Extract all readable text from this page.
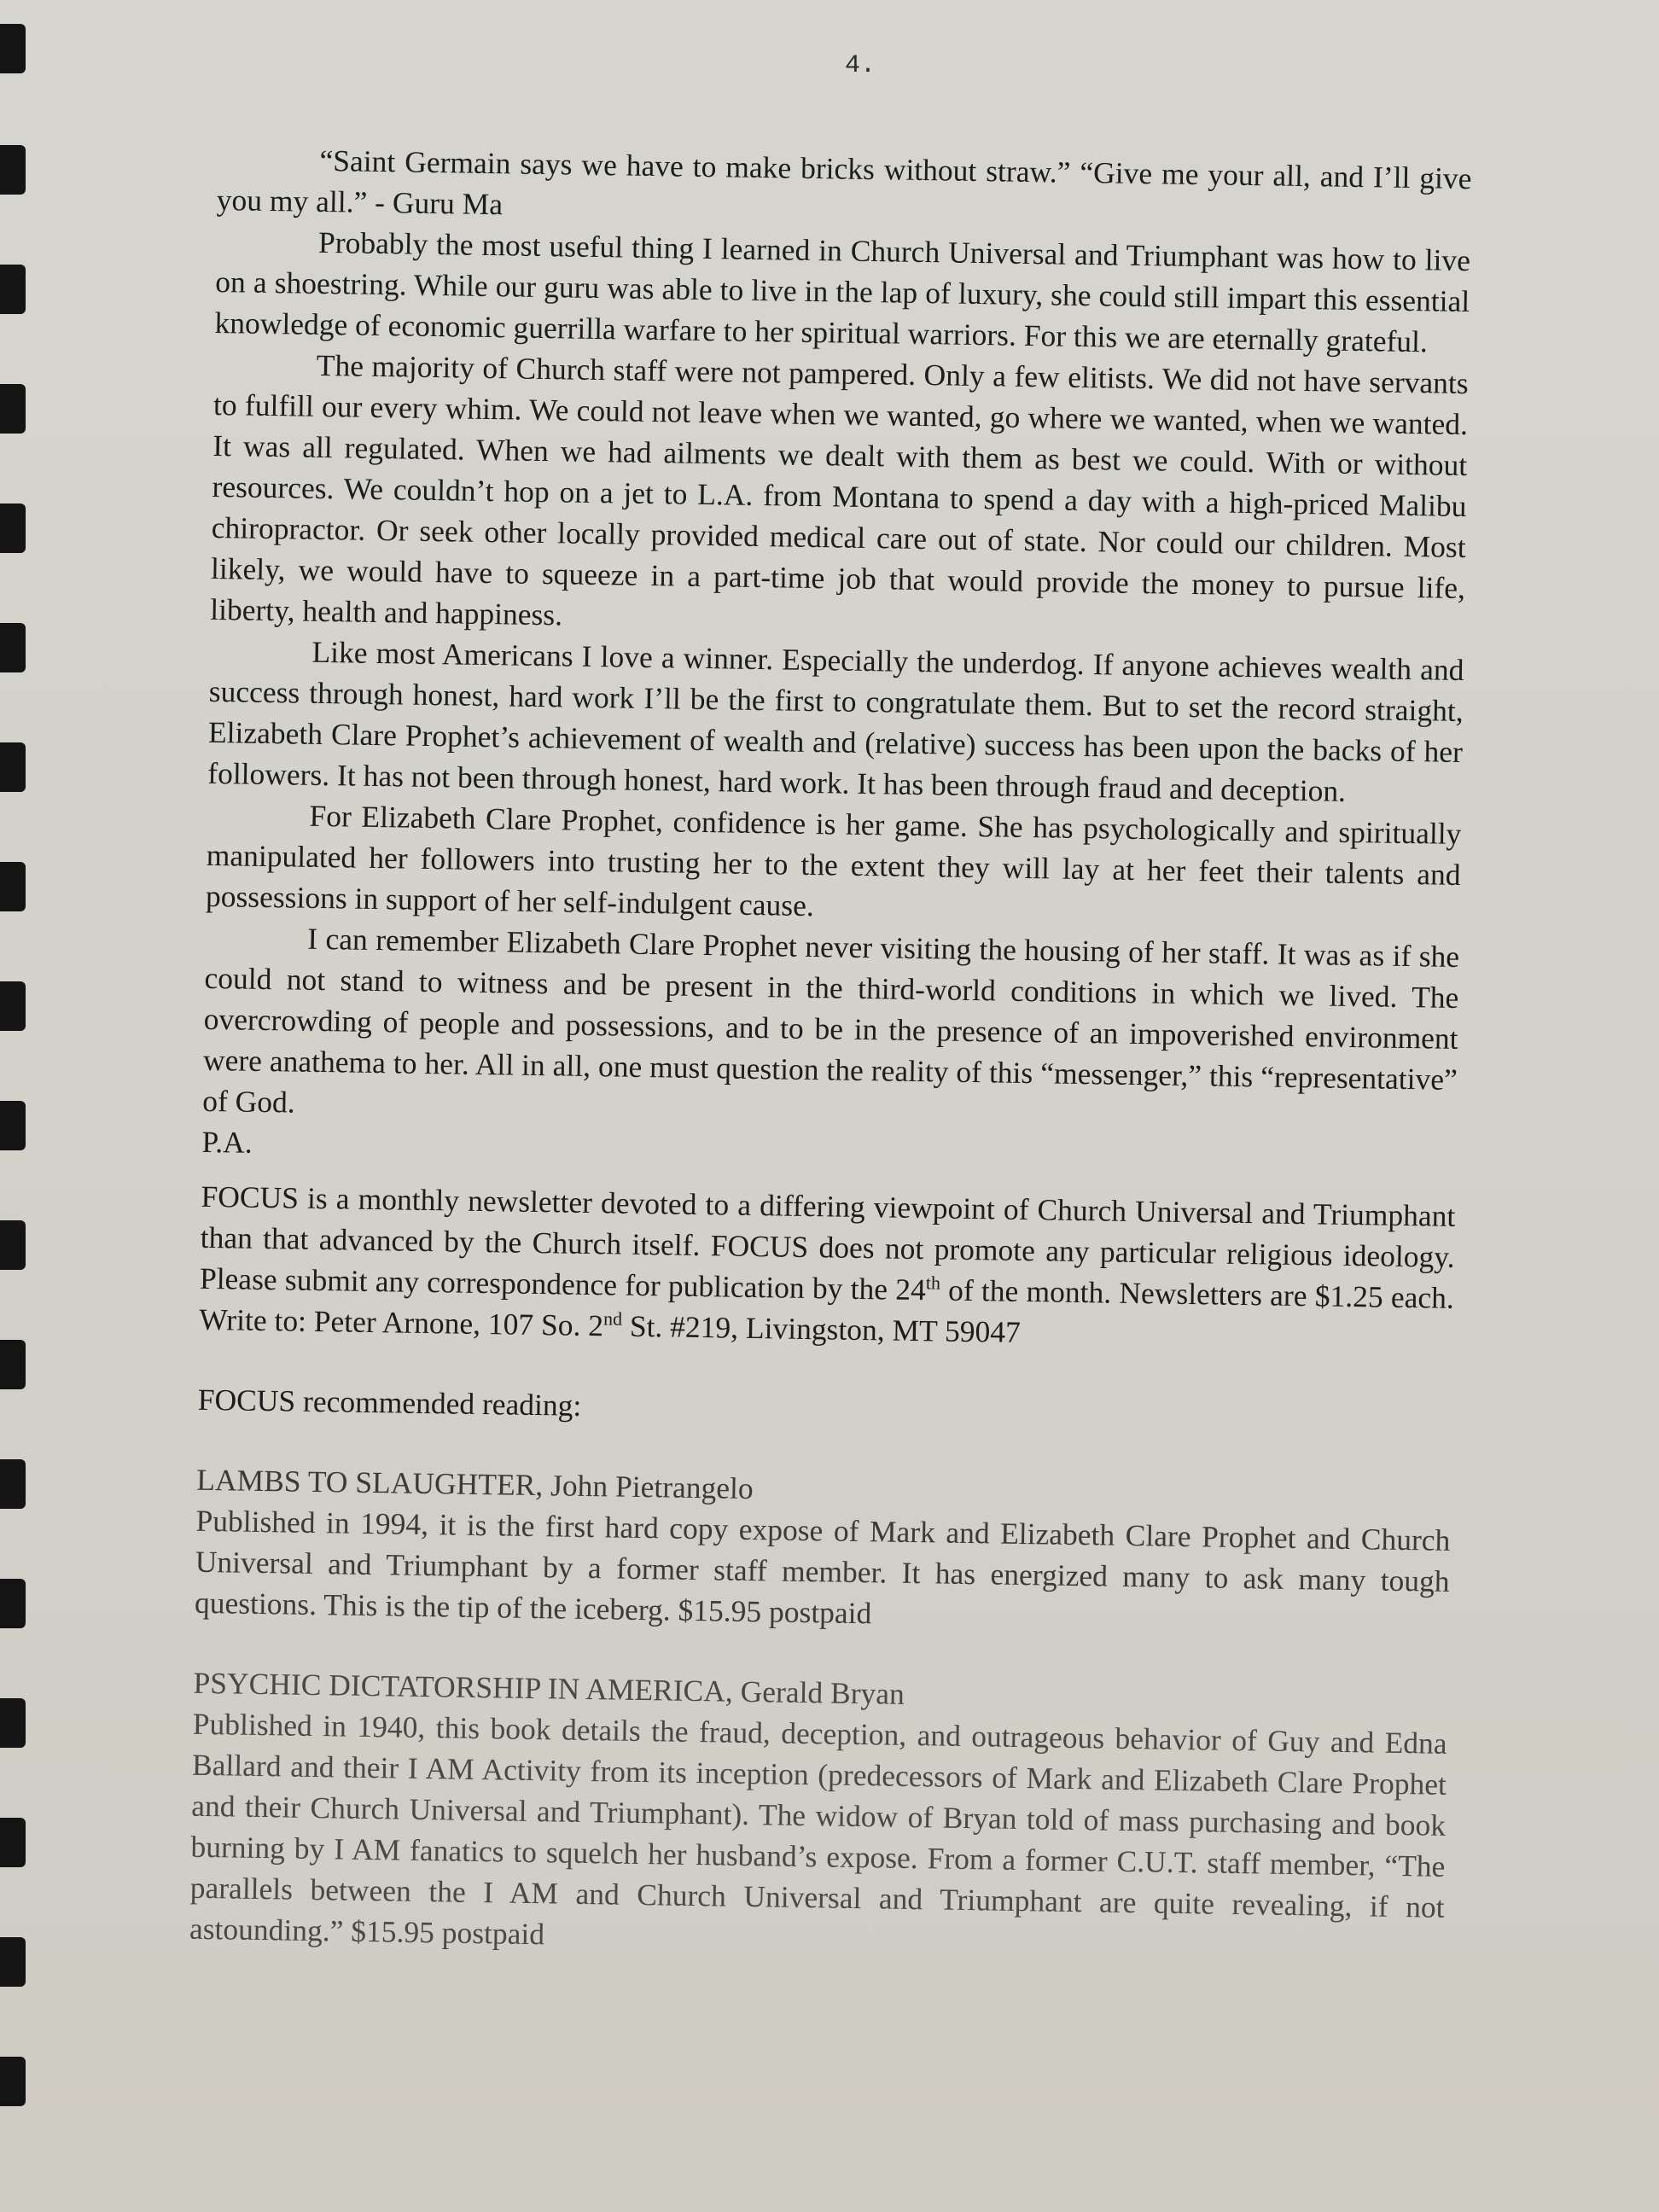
4.

“Saint Germain says we have to make bricks without straw.” “Give me your all, and I’ll give you my all.” - Guru Ma

Probably the most useful thing I learned in Church Universal and Triumphant was how to live on a shoestring. While our guru was able to live in the lap of luxury, she could still impart this essential knowledge of economic guerrilla warfare to her spiritual warriors. For this we are eternally grateful.

The majority of Church staff were not pampered. Only a few elitists. We did not have servants to fulfill our every whim. We could not leave when we wanted, go where we wanted, when we wanted. It was all regulated. When we had ailments we dealt with them as best we could. With or without resources. We couldn’t hop on a jet to L.A. from Montana to spend a day with a high-priced Malibu chiropractor. Or seek other locally provided medical care out of state. Nor could our children. Most likely, we would have to squeeze in a part-time job that would provide the money to pursue life, liberty, health and happiness.

Like most Americans I love a winner. Especially the underdog. If anyone achieves wealth and success through honest, hard work I’ll be the first to congratulate them. But to set the record straight, Elizabeth Clare Prophet’s achievement of wealth and (relative) success has been upon the backs of her followers. It has not been through honest, hard work. It has been through fraud and deception.

For Elizabeth Clare Prophet, confidence is her game. She has psychologically and spiritually manipulated her followers into trusting her to the extent they will lay at her feet their talents and possessions in support of her self-indulgent cause.

I can remember Elizabeth Clare Prophet never visiting the housing of her staff. It was as if she could not stand to witness and be present in the third-world conditions in which we lived. The overcrowding of people and possessions, and to be in the presence of an impoverished environment were anathema to her. All in all, one must question the reality of this “messenger,” this “representative” of God.

P.A.

FOCUS is a monthly newsletter devoted to a differing viewpoint of Church Universal and Triumphant than that advanced by the Church itself. FOCUS does not promote any particular religious ideology. Please submit any correspondence for publication by the 24th of the month. Newsletters are $1.25 each. Write to: Peter Arnone, 107 So. 2nd St. #219, Livingston, MT 59047

FOCUS recommended reading:

LAMBS TO SLAUGHTER, John Pietrangelo

Published in 1994, it is the first hard copy expose of Mark and Elizabeth Clare Prophet and Church Universal and Triumphant by a former staff member. It has energized many to ask many tough questions. This is the tip of the iceberg. $15.95 postpaid

PSYCHIC DICTATORSHIP IN AMERICA, Gerald Bryan

Published in 1940, this book details the fraud, deception, and outrageous behavior of Guy and Edna Ballard and their I AM Activity from its inception (predecessors of Mark and Elizabeth Clare Prophet and their Church Universal and Triumphant). The widow of Bryan told of mass purchasing and book burning by I AM fanatics to squelch her husband’s expose. From a former C.U.T. staff member, “The parallels between the I AM and Church Universal and Triumphant are quite revealing, if not astounding.” $15.95 postpaid
